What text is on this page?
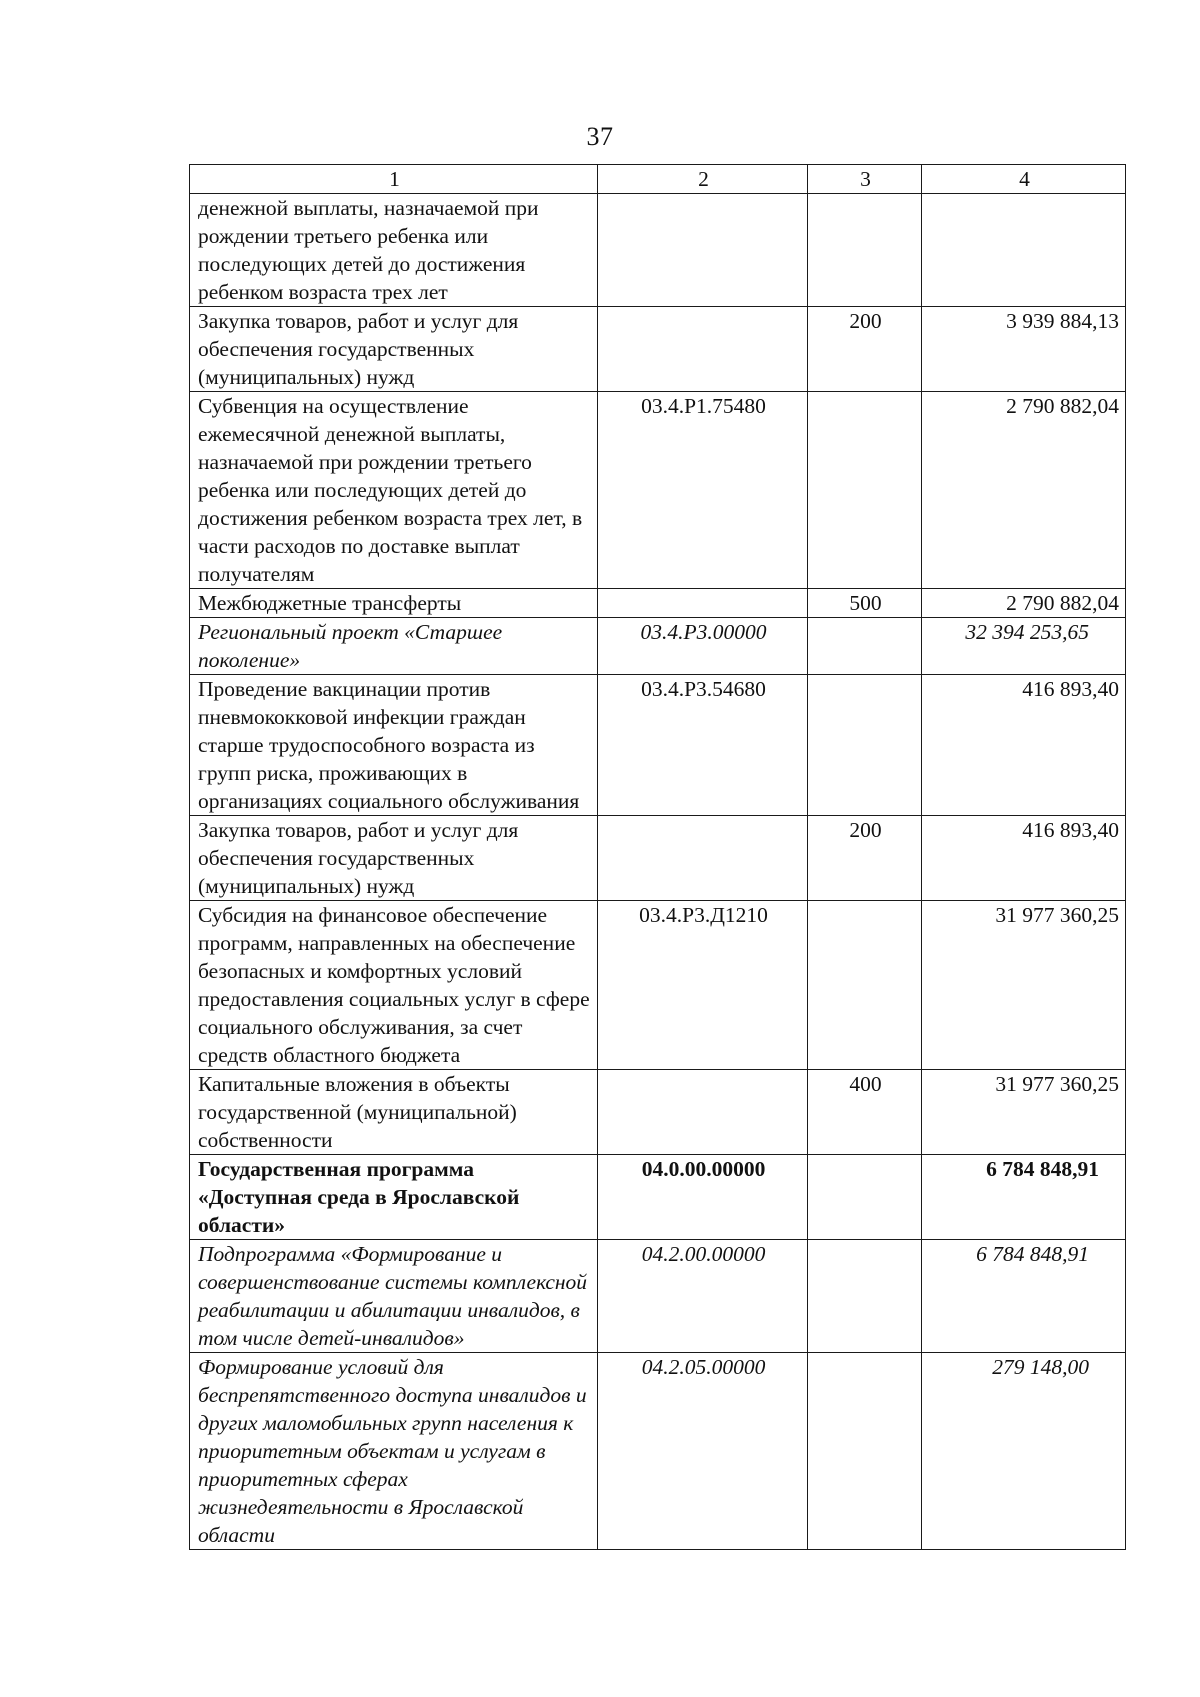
37
1	2	3	4
денежной выплаты, назначаемой при рождении третьего ребенка или последующих детей до достижения ребенком возраста трех лет			
Закупка товаров, работ и услуг для обеспечения государственных (муниципальных) нужд		200	3 939 884,13
Субвенция на осуществление ежемесячной денежной выплаты, назначаемой при рождении третьего ребенка или последующих детей до достижения ребенком возраста трех лет, в части расходов по доставке выплат получателям	03.4.Р1.75480		2 790 882,04
Межбюджетные трансферты		500	2 790 882,04
Региональный проект «Старшее поколение»	03.4.Р3.00000		32 394 253,65
Проведение вакцинации против пневмококковой инфекции граждан старше трудоспособного возраста из групп риска, проживающих в организациях социального обслуживания	03.4.Р3.54680		416 893,40
Закупка товаров, работ и услуг для обеспечения государственных (муниципальных) нужд		200	416 893,40
Субсидия на финансовое обеспечение программ, направленных на обеспечение безопасных и комфортных условий предоставления социальных услуг в сфере социального обслуживания, за счет средств областного бюджета	03.4.Р3.Д1210		31 977 360,25
Капитальные вложения в объекты государственной (муниципальной) собственности		400	31 977 360,25
Государственная программа «Доступная среда в Ярославской области»	04.0.00.00000		6 784 848,91
Подпрограмма «Формирование и совершенствование системы комплексной реабилитации и абилитации инвалидов, в том числе детей-инвалидов»	04.2.00.00000		6 784 848,91
Формирование условий для беспрепятственного доступа инвалидов и других маломобильных групп населения к приоритетным объектам и услугам в приоритетных сферах жизнедеятельности в Ярославской области	04.2.05.00000		279 148,00
